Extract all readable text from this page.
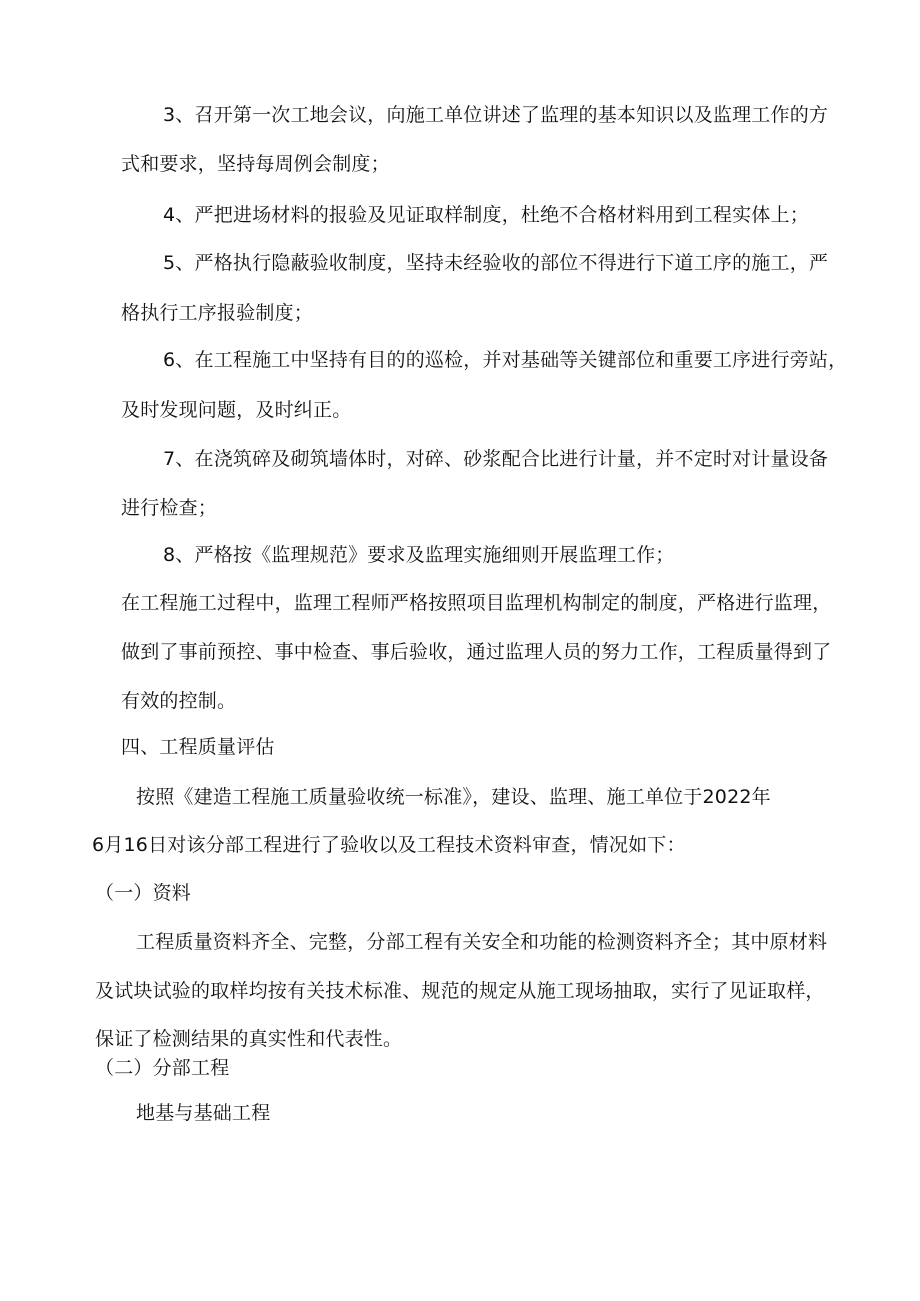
3、召开第一次工地会议，向施工单位讲述了监理的基本知识以及监理工作的方
式和要求，坚持每周例会制度；
4、严把进场材料的报验及见证取样制度，杜绝不合格材料用到工程实体上；
5、严格执行隐蔽验收制度，坚持未经验收的部位不得进行下道工序的施工，严
格执行工序报验制度；
6、在工程施工中坚持有目的的巡检，并对基础等关键部位和重要工序进行旁站，
及时发现问题，及时纠正。
7、在浇筑碎及砌筑墙体时，对碎、砂浆配合比进行计量，并不定时对计量设备
进行检查；
8、严格按《监理规范》要求及监理实施细则开展监理工作；
在工程施工过程中，监理工程师严格按照项目监理机构制定的制度，严格进行监理，
做到了事前预控、事中检查、事后验收，通过监理人员的努力工作，工程质量得到了
有效的控制。
四、工程质量评估
按照《建造工程施工质量验收统一标准》，建设、监理、施工单位于2022年
6月16日对该分部工程进行了验收以及工程技术资料审查，情况如下：
（一）资料
工程质量资料齐全、完整，分部工程有关安全和功能的检测资料齐全；其中原材料
及试块试验的取样均按有关技术标准、规范的规定从施工现场抽取，实行了见证取样，
保证了检测结果的真实性和代表性。
（二）分部工程
地基与基础工程
